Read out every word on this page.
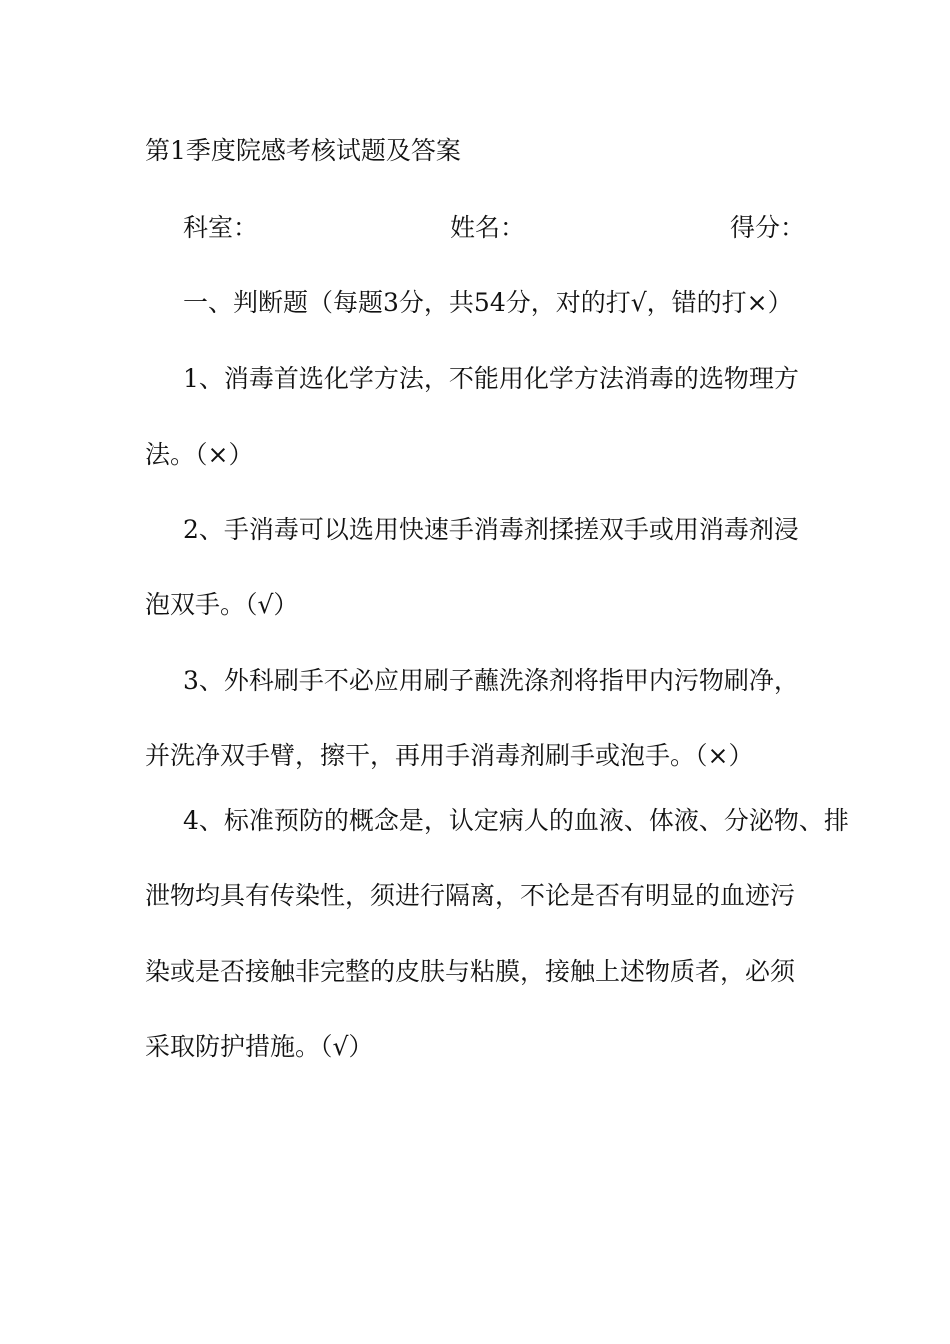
第1季度院感考核试题及答案
科室：	姓名：	得分：
一、判断题（每题3分，共54分，对的打√，错的打×）
1、消毒首选化学方法，不能用化学方法消毒的选物理方
法。（×）
2、手消毒可以选用快速手消毒剂揉搓双手或用消毒剂浸
泡双手。（√）
3、外科刷手不必应用刷子蘸洗涤剂将指甲内污物刷净，
并洗净双手臂，擦干，再用手消毒剂刷手或泡手。（×）
4、标准预防的概念是，认定病人的血液、体液、分泌物、排
泄物均具有传染性，须进行隔离，不论是否有明显的血迹污
染或是否接触非完整的皮肤与粘膜，接触上述物质者，必须
采取防护措施。（√）
